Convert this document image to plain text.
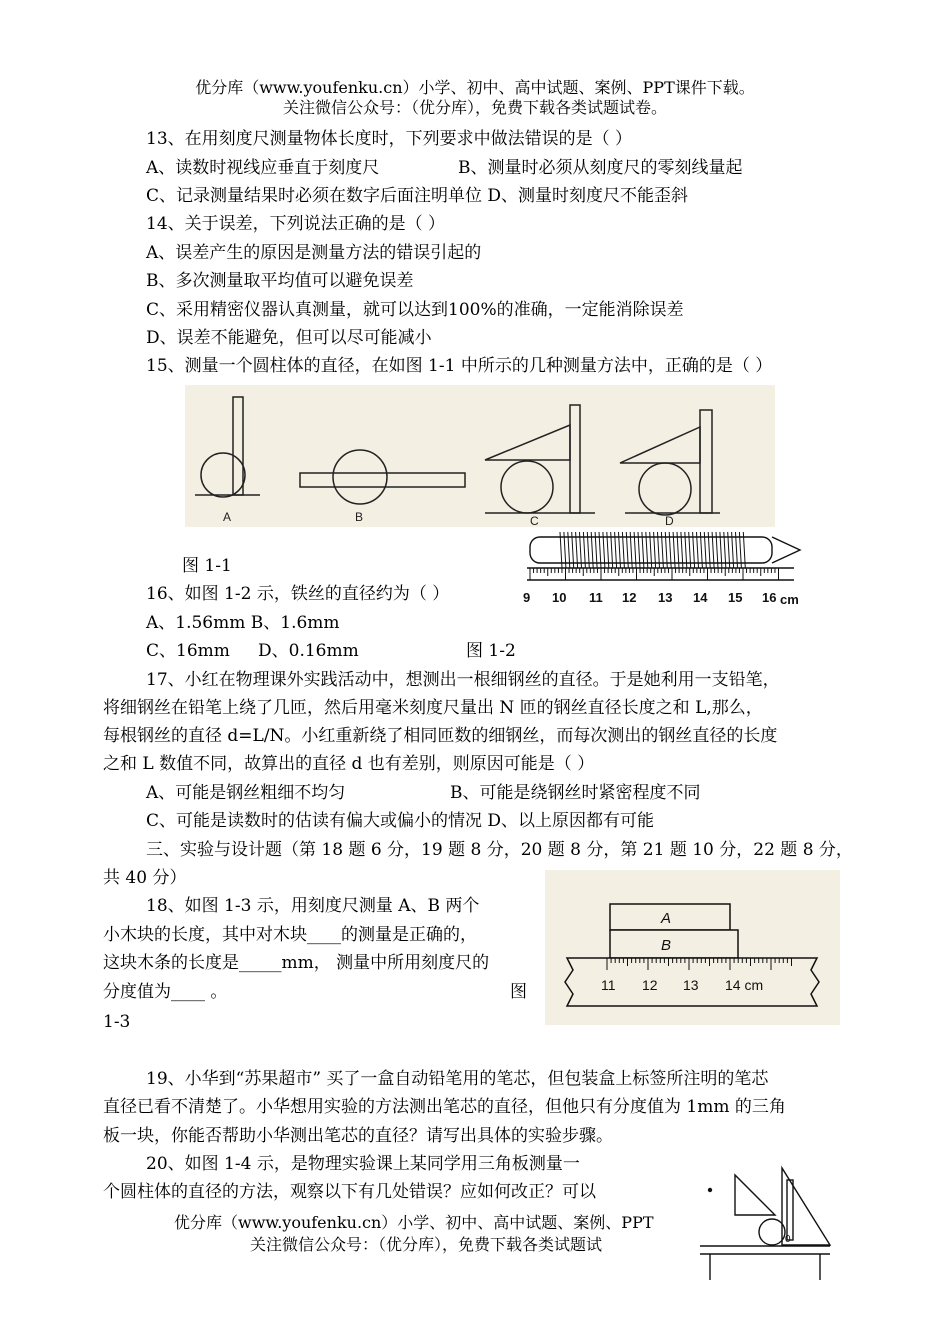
优分库（www.youfenku.cn）小学、初中、高中试题、案例、PPT课件下载。
关注微信公众号：（优分库），免费下载各类试题试卷。
13、在用刻度尺测量物体长度时，下列要求中做法错误的是（ ）
A、读数时视线应垂直于刻度尺	B、测量时必须从刻度尺的零刻线量起
C、记录测量结果时必须在数字后面注明单位 D、测量时刻度尺不能歪斜
14、关于误差，下列说法正确的是（ ）
A、误差产生的原因是测量方法的错误引起的
B、多次测量取平均值可以避免误差
C、采用精密仪器认真测量，就可以达到100%的准确，一定能消除误差
D、误差不能避免，但可以尽可能减小
15、测量一个圆柱体的直径，在如图 1-1 中所示的几种测量方法中，正确的是（ ）
A	B	C	D
图 1-1
9 10 11 12 13 14 15 16 cm
16、如图 1-2 示，铁丝的直径约为（ ）
A、1.56mm B、1.6mm
C、16mm D、0.16mm	图 1-2
17、小红在物理课外实践活动中，想测出一根细钢丝的直径。于是她利用一支铅笔，
将细钢丝在铅笔上绕了几匝，然后用毫米刻度尺量出 N 匝的钢丝直径长度之和 L,那么，
每根钢丝的直径 d=L/N。小红重新绕了相同匝数的细钢丝，而每次测出的钢丝直径的长度
之和 L 数值不同，故算出的直径 d 也有差别，则原因可能是（ ）
A、可能是钢丝粗细不均匀	B、可能是绕钢丝时紧密程度不同
C、可能是读数时的估读有偏大或偏小的情况 D、以上原因都有可能
三、实验与设计题（第 18 题 6 分，19 题 8 分，20 题 8 分，第 21 题 10 分，22 题 8 分，
共 40 分）
18、如图 1-3 示，用刻度尺测量 A、B 两个
小木块的长度，其中对木块____的测量是正确的，
这块木条的长度是_____mm， 测量中所用刻度尺的
分度值为____ 。	图
1-3
A
B
11 12 13 14 cm
19、小华到“苏果超市” 买了一盒自动铅笔用的笔芯，但包装盒上标签所注明的笔芯
直径已看不清楚了。小华想用实验的方法测出笔芯的直径，但他只有分度值为 1mm 的三角
板一块，你能否帮助小华测出笔芯的直径？请写出具体的实验步骤。
20、如图 1-4 示，是物理实验课上某同学用三角板测量一
个圆柱体的直径的方法，观察以下有几处错误？应如何改正？可以
优分库（www.youfenku.cn）小学、初中、高中试题、案例、PPT
关注微信公众号：（优分库），免费下载各类试题试	0
